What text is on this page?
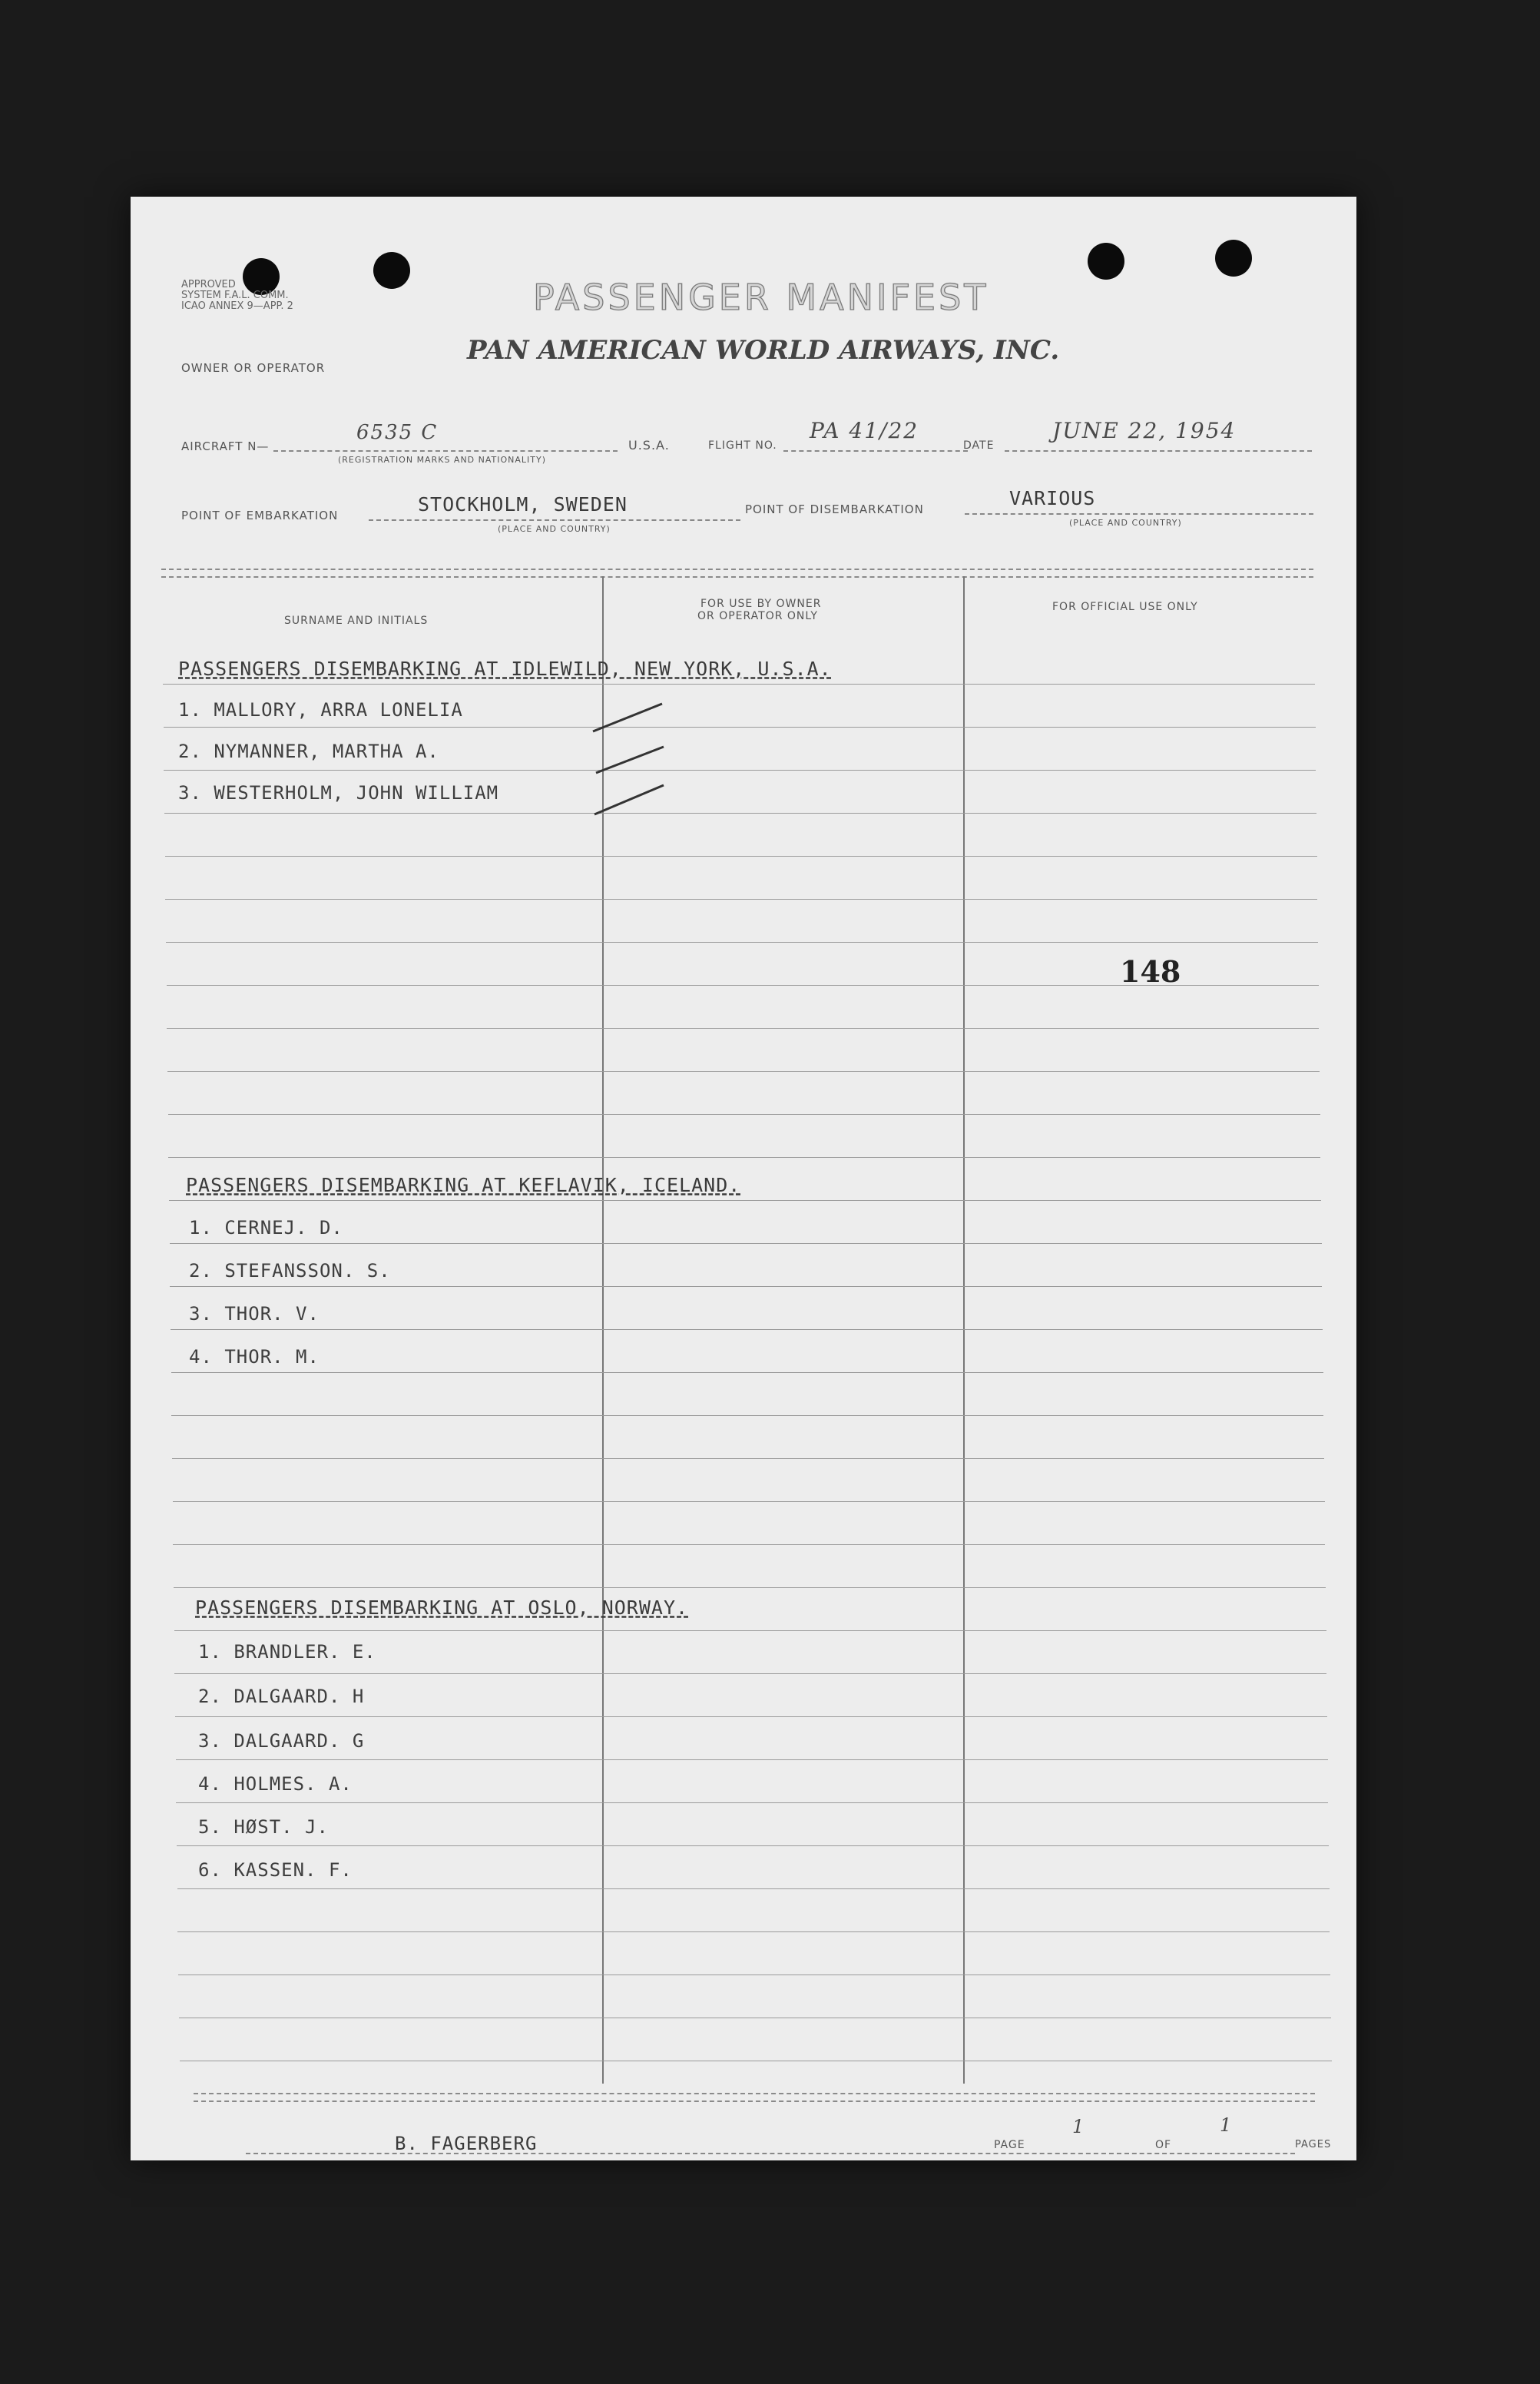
APPROVED
SYSTEM F.A.L. COMM.
ICAO ANNEX 9—APP. 2	PASSENGER MANIFEST
OWNER OR OPERATOR
PAN AMERICAN WORLD AIRWAYS, INC.
AIRCRAFT N—
6535 C
(REGISTRATION MARKS AND NATIONALITY)
U.S.A.	FLIGHT NO.
PA 41/22
DATE
JUNE 22, 1954
POINT OF EMBARKATION	STOCKHOLM, SWEDEN
(PLACE AND COUNTRY)
POINT OF DISEMBARKATION	VARIOUS
(PLACE AND COUNTRY)
SURNAME AND INITIALS
FOR USE BY OWNER
OR OPERATOR ONLY
FOR OFFICIAL USE ONLY
PASSENGERS DISEMBARKING AT IDLEWILD, NEW YORK, U.S.A.
1. MALLORY, ARRA LONELIA
2. NYMANNER, MARTHA A.
3. WESTERHOLM, JOHN WILLIAM
148
PASSENGERS DISEMBARKING AT KEFLAVIK, ICELAND.
1. CERNEJ. D.
2. STEFANSSON. S.
3. THOR. V.
4. THOR. M.
PASSENGERS DISEMBARKING AT OSLO, NORWAY.
1. BRANDLER. E.
2. DALGAARD. H
3. DALGAARD. G
4. HOLMES. A.
5. HØST. J.
6. KASSEN. F.
B. FAGERBERG	PAGE
1
OF
1
PAGES
